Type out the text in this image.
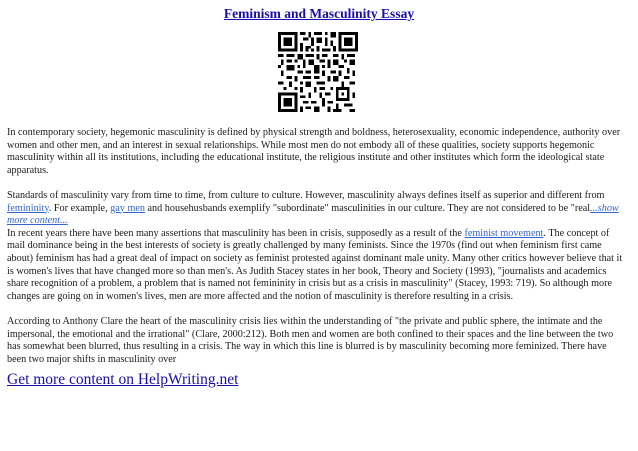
Feminism and Masculinity Essay

In contemporary society, hegemonic masculinity is defined by physical strength and boldness, heterosexuality, economic independence, authority over women and other men, and an interest in sexual relationships. While most men do not embody all of these qualities, society supports hegemonic masculinity within all its institutions, including the educational institute, the religious institute and other institutes which form the ideological state apparatus.

Standards of masculinity vary from time to time, from culture to culture. However, masculinity always defines itself as superior and different from femininity. For example, gay men and househusbands exemplify "subordinate" masculinities in our culture. They are not considered to be "real...show more content...

In recent years there have been many assertions that masculinity has been in crisis, supposedly as a result of the feminist movement. The concept of mail dominance being in the best interests of society is greatly challenged by many feminists. Since the 1970s (find out when feminism first came about) feminism has had a great deal of impact on society as feminist protested against dominant male unity. Many other critics however believe that it is women's lives that have changed more so than men's. As Judith Stacey states in her book, Theory and Society (1993), "journalists and academics share recognition of a problem, a problem that is named not femininity in crisis but as a crisis in masculinity" (Stacey, 1993: 719). So although more changes are going on in women's lives, men are more affected and the notion of masculinity is therefore resulting in a crisis.

According to Anthony Clare the heart of the masculinity crisis lies within the understanding of "the private and public sphere, the intimate and the impersonal, the emotional and the irrational" (Clare, 2000:212). Both men and women are both confined to their spaces and the line between the two has somewhat been blurred, thus resulting in a crisis. The way in which this line is blurred is by masculinity becoming more feminized. There have been two major shifts in masculinity over

Get more content on HelpWriting.net
